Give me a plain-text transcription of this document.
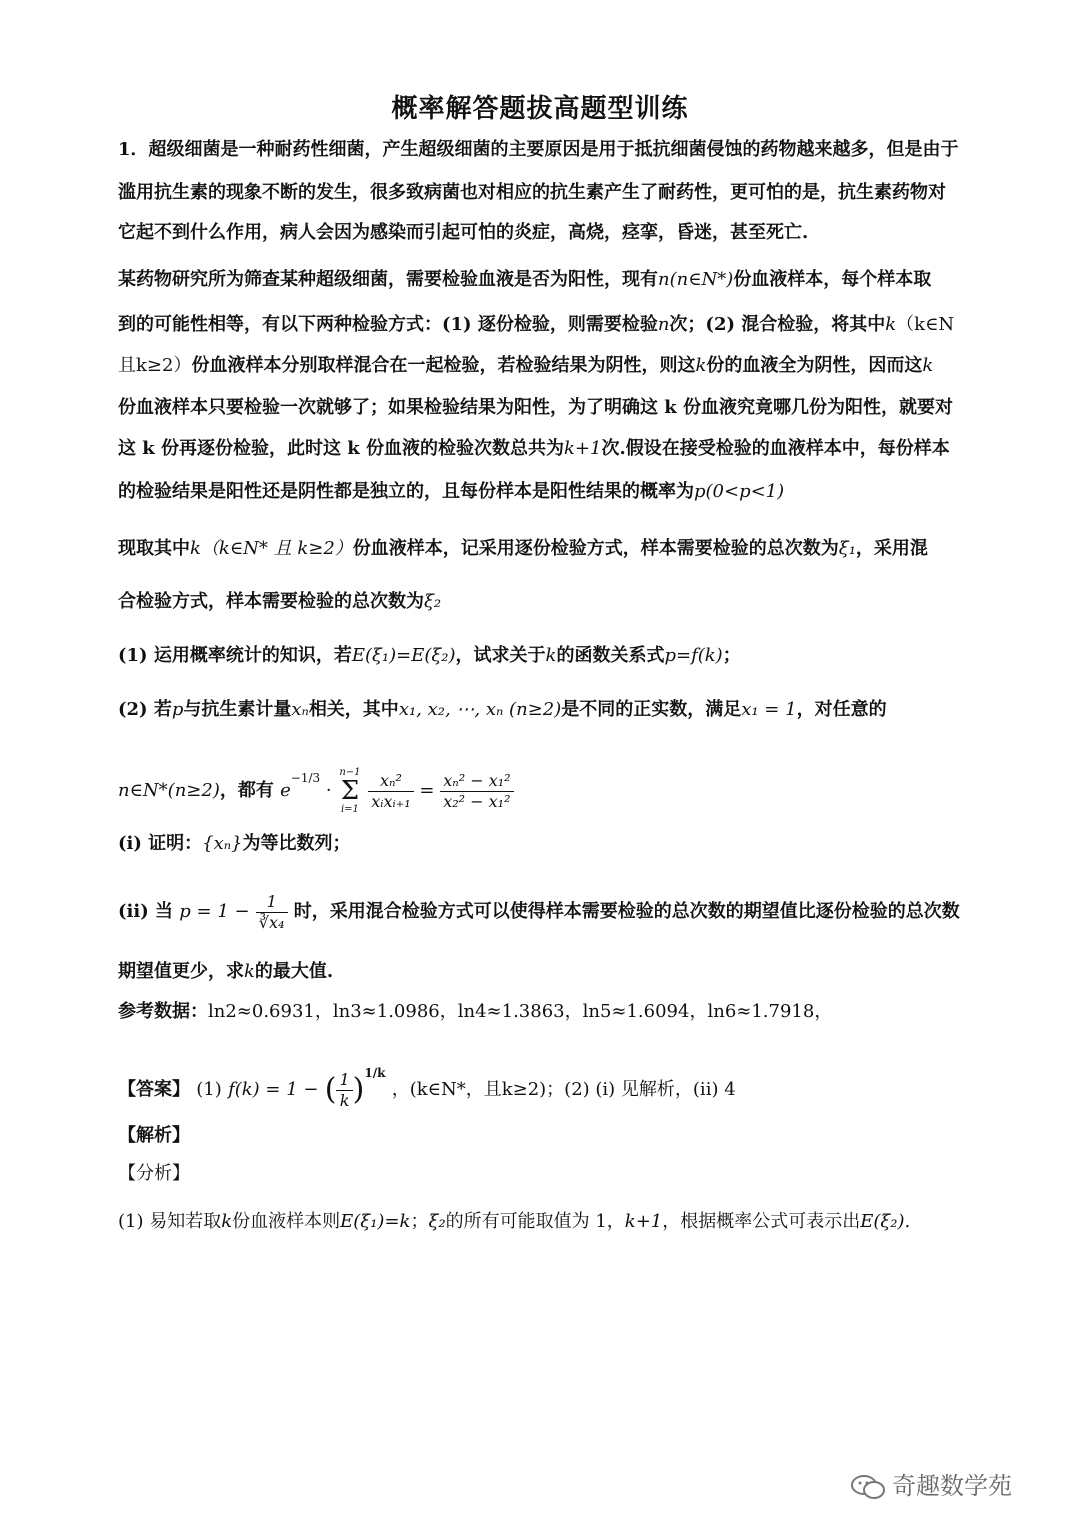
概率解答题拔高题型训练
1．超级细菌是一种耐药性细菌，产生超级细菌的主要原因是用于抵抗细菌侵蚀的药物越来越多，但是由于
滥用抗生素的现象不断的发生，很多致病菌也对相应的抗生素产生了耐药性，更可怕的是，抗生素药物对
它起不到什么作用，病人会因为感染而引起可怕的炎症，高烧，痉挛，昏迷，甚至死亡.
某药物研究所为筛查某种超级细菌，需要检验血液是否为阳性，现有n(n∈N*)份血液样本，每个样本取
到的可能性相等，有以下两种检验方式：(1) 逐份检验，则需要检验n次；(2) 混合检验，将其中k（k∈N
且k≥2）份血液样本分别取样混合在一起检验，若检验结果为阴性，则这k份的血液全为阴性，因而这k
份血液样本只要检验一次就够了；如果检验结果为阳性，为了明确这 k 份血液究竟哪几份为阳性，就要对
这 k 份再逐份检验，此时这 k 份血液的检验次数总共为k+1次.假设在接受检验的血液样本中，每份样本
的检验结果是阳性还是阴性都是独立的，且每份样本是阳性结果的概率为p(0<p<1)
现取其中k（k∈N* 且 k≥2）份血液样本，记采用逐份检验方式，样本需要检验的总次数为ξ₁，采用混
合检验方式，样本需要检验的总次数为ξ₂
(1) 运用概率统计的知识，若E(ξ₁)=E(ξ₂)，试求关于k的函数关系式p=f(k)；
(2) 若p与抗生素计量xₙ相关，其中x₁, x₂, ⋯, xₙ (n≥2)是不同的正实数，满足x₁ = 1，对任意的
n∈N*(n≥2)，都有 $e^{-1/3}$ ·
n−1
Σ
i=1
$\frac{\text{xₙ²}}{\text{xᵢxᵢ₊₁}} = \frac{\text{xₙ² − x₁²}}{\text{x₂² − x₁²}}$
(i) 证明：{xₙ}为等比数列；
(ii) 当 $p = 1 - \frac{1}{\text{∛x₄}}$ 时，采用混合检验方式可以使得样本需要检验的总次数的期望值比逐份检验的总次数
期望值更少，求k的最大值.
参考数据：ln2≈0.6931，ln3≈1.0986，ln4≈1.3863，ln5≈1.6094，ln6≈1.7918，
【答案】 (1) f(k) = 1 − ( $\frac{1}{k} )^{1/k}$ ，(k∈N*，且k≥2)；(2) (i) 见解析，(ii) 4
【解析】
【分析】
(1) 易知若取k份血液样本则E(ξ₁)=k；ξ₂的所有可能取值为 1，k+1，根据概率公式可表示出E(ξ₂).
奇趣数学苑
